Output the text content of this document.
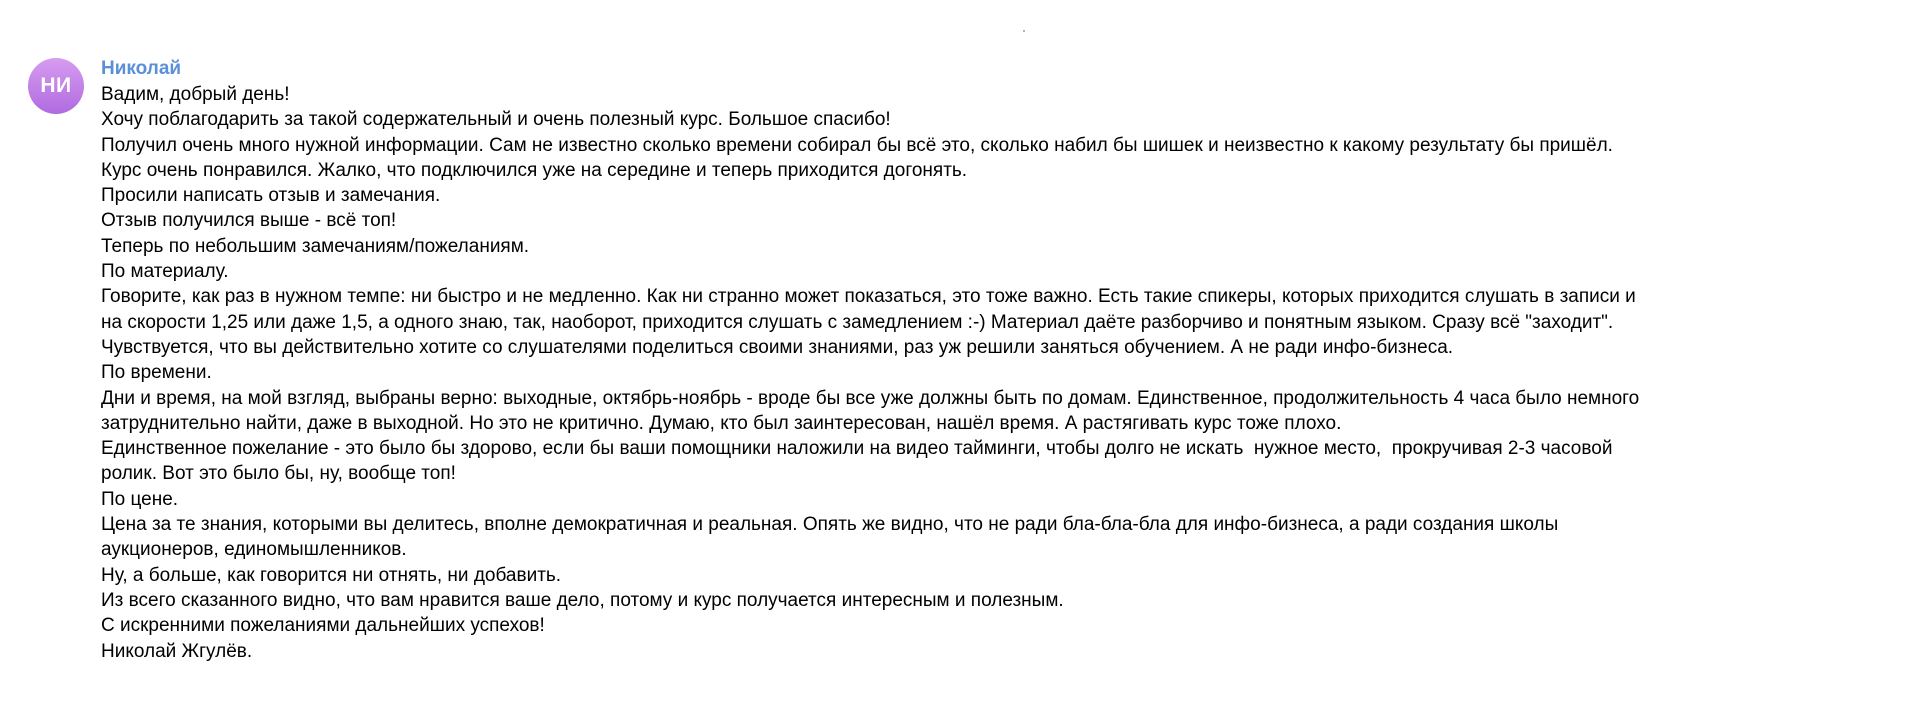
НИ
Николай
Вадим, добрый день!
Хочу поблагодарить за такой содержательный и очень полезный курс. Большое спасибо!
Получил очень много нужной информации. Сам не известно сколько времени собирал бы всё это, сколько набил бы шишек и неизвестно к какому результату бы пришёл.
Курс очень понравился. Жалко, что подключился уже на середине и теперь приходится догонять.
Просили написать отзыв и замечания.
Отзыв получился выше - всё топ!
Теперь по небольшим замечаниям/пожеланиям.
По материалу.
Говорите, как раз в нужном темпе: ни быстро и не медленно. Как ни странно может показаться, это тоже важно. Есть такие спикеры, которых приходится слушать в записи и
на скорости 1,25 или даже 1,5, а одного знаю, так, наоборот, приходится слушать с замедлением :-) Материал даёте разборчиво и понятным языком. Сразу всё "заходит".
Чувствуется, что вы действительно хотите со слушателями поделиться своими знаниями, раз уж решили заняться обучением. А не ради инфо-бизнеса.
По времени.
Дни и время, на мой взгляд, выбраны верно: выходные, октябрь-ноябрь - вроде бы все уже должны быть по домам. Единственное, продолжительность 4 часа было немного
затруднительно найти, даже в выходной. Но это не критично. Думаю, кто был заинтересован, нашёл время. А растягивать курс тоже плохо.
Единственное пожелание - это было бы здорово, если бы ваши помощники наложили на видео тайминги, чтобы долго не искать  нужное место,  прокручивая 2-3 часовой
ролик. Вот это было бы, ну, вообще топ!
По цене.
Цена за те знания, которыми вы делитесь, вполне демократичная и реальная. Опять же видно, что не ради бла-бла-бла для инфо-бизнеса, а ради создания школы
аукционеров, единомышленников.
Ну, а больше, как говорится ни отнять, ни добавить.
Из всего сказанного видно, что вам нравится ваше дело, потому и курс получается интересным и полезным.
С искренними пожеланиями дальнейших успехов!
Николай Жгулёв.
